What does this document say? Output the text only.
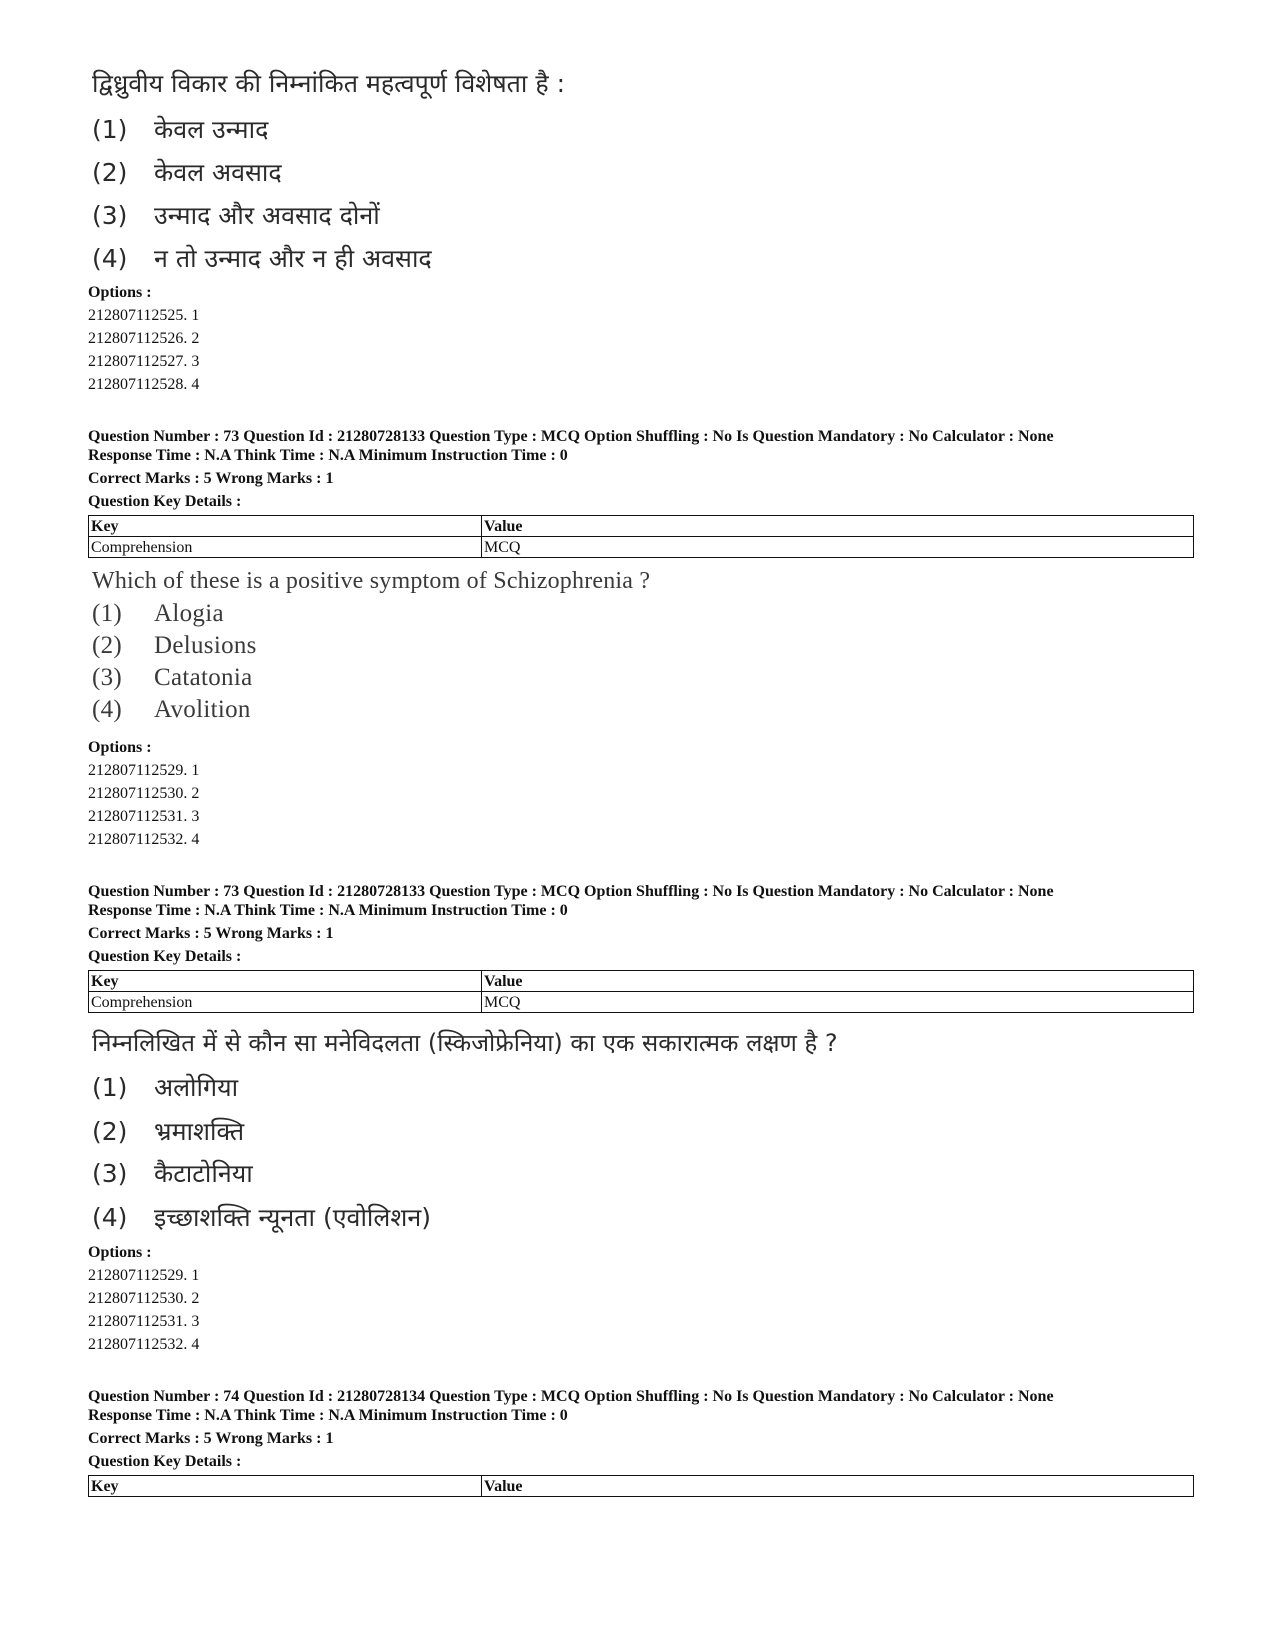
द्विध्रुवीय विकार की निम्नांकित महत्वपूर्ण विशेषता है :
(1) केवल उन्माद
(2) केवल अवसाद
(3) उन्माद और अवसाद दोनों
(4) न तो उन्माद और न ही अवसाद
Options :
212807112525. 1
212807112526. 2
212807112527. 3
212807112528. 4
Question Number : 73 Question Id : 21280728133 Question Type : MCQ Option Shuffling : No Is Question Mandatory : No Calculator : None
Response Time : N.A Think Time : N.A Minimum Instruction Time : 0
Correct Marks : 5 Wrong Marks : 1
Question Key Details :
Key	Value
Comprehension	MCQ
Which of these is a positive symptom of Schizophrenia ?
(1) Alogia
(2) Delusions
(3) Catatonia
(4) Avolition
Options :
212807112529. 1
212807112530. 2
212807112531. 3
212807112532. 4
Question Number : 73 Question Id : 21280728133 Question Type : MCQ Option Shuffling : No Is Question Mandatory : No Calculator : None
Response Time : N.A Think Time : N.A Minimum Instruction Time : 0
Correct Marks : 5 Wrong Marks : 1
Question Key Details :
Key	Value
Comprehension	MCQ
निम्नलिखित में से कौन सा मनेविदलता (स्किजोफ्रेनिया) का एक सकारात्मक लक्षण है ?
(1) अलोगिया
(2) भ्रमाशक्ति
(3) कैटाटोनिया
(4) इच्छाशक्ति न्यूनता (एवोलिशन)
Options :
212807112529. 1
212807112530. 2
212807112531. 3
212807112532. 4
Question Number : 74 Question Id : 21280728134 Question Type : MCQ Option Shuffling : No Is Question Mandatory : No Calculator : None
Response Time : N.A Think Time : N.A Minimum Instruction Time : 0
Correct Marks : 5 Wrong Marks : 1
Question Key Details :
Key	Value
